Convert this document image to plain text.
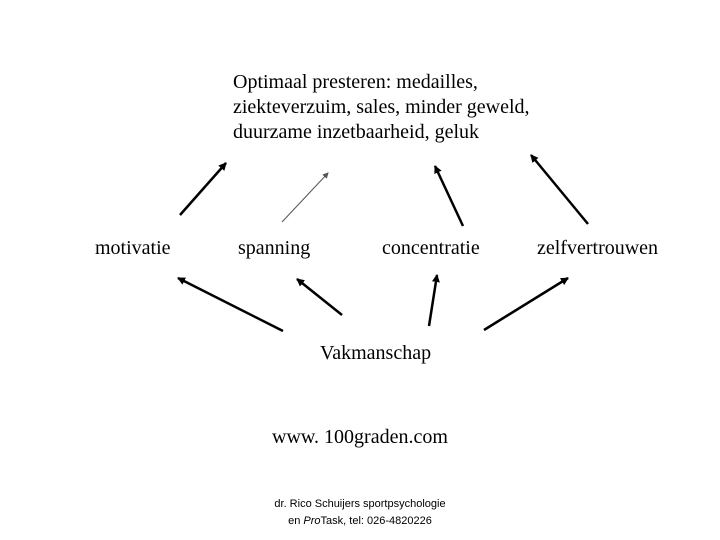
Optimaal presteren: medailles,
ziekteverzuim, sales, minder geweld,
duurzame inzetbaarheid, geluk
motivatie	spanning	concentratie	zelfvertrouwen
Vakmanschap
www. 100graden.com
dr. Rico Schuijers sportpsychologie
en ProTask, tel: 026-4820226
